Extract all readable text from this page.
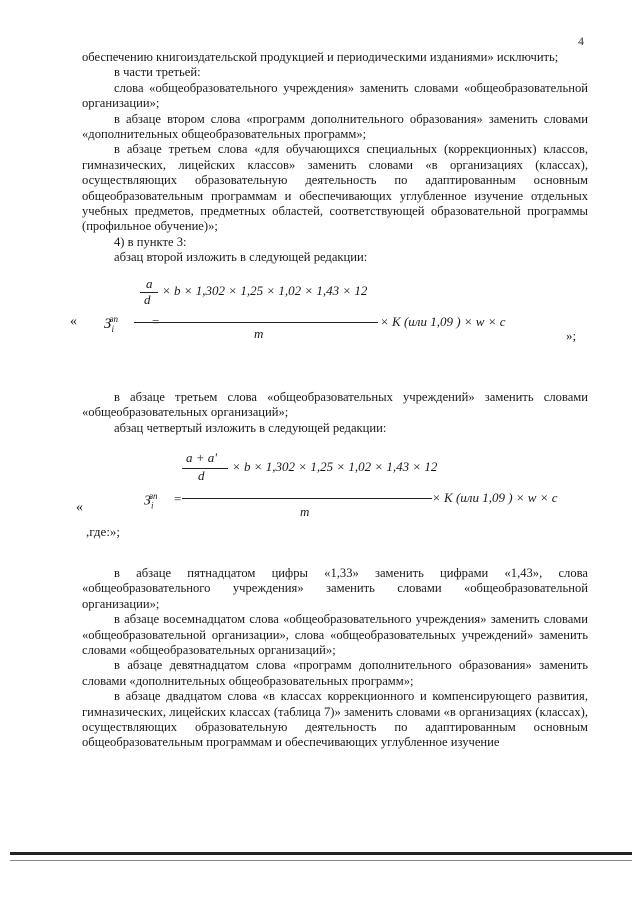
4

обеспечению книгоиздательской продукцией и периодическими изданиями» исключить;

в части третьей:

слова «общеобразовательного учреждения» заменить словами «общеобразовательной организации»;

в абзаце втором слова «программ дополнительного образования» заменить словами «дополнительных общеобразовательных программ»;

в абзаце третьем слова «для обучающихся специальных (коррекционных) классов, гимназических, лицейских классов» заменить словами «в организациях (классах), осуществляющих образовательную деятельность по адаптированным основным общеобразовательным программам и обеспечивающих углубленное изучение отдельных учебных предметов, предметных областей, соответствующей образовательной программы (профильное обучение)»;

4) в пункте 3:

абзац второй изложить в следующей редакции:

« $З_i^{зп}$	=
a
d
× b × 1,302 × 1,25 × 1,02 × 1,43 × 12
m
× K (или 1,09 ) × w × c
»;

в абзаце третьем слова «общеобразовательных учреждений» заменить словами «общеобразовательных организаций»;

абзац четвертый изложить в следующей редакции:

«	$З_i^{зп}$	=
a + a'
d
× b × 1,302 × 1,25 × 1,02 × 1,43 × 12
m
× K (или 1,09 ) × w × c
,где:»;

в абзаце пятнадцатом цифры «1,33» заменить цифрами «1,43», слова «общеобразовательного учреждения» заменить словами «общеобразовательной организации»;

в абзаце восемнадцатом слова «общеобразовательного учреждения» заменить словами «общеобразовательной организации», слова «общеобразовательных учреждений» заменить словами «общеобразовательных организаций»;

в абзаце девятнадцатом слова «программ дополнительного образования» заменить словами «дополнительных общеобразовательных программ»;

в абзаце двадцатом слова «в классах коррекционного и компенсирующего развития, гимназических, лицейских классах (таблица 7)» заменить словами «в организациях (классах), осуществляющих образовательную деятельность по адаптированным основным общеобразовательным программам и обеспечивающих углубленное изучение
